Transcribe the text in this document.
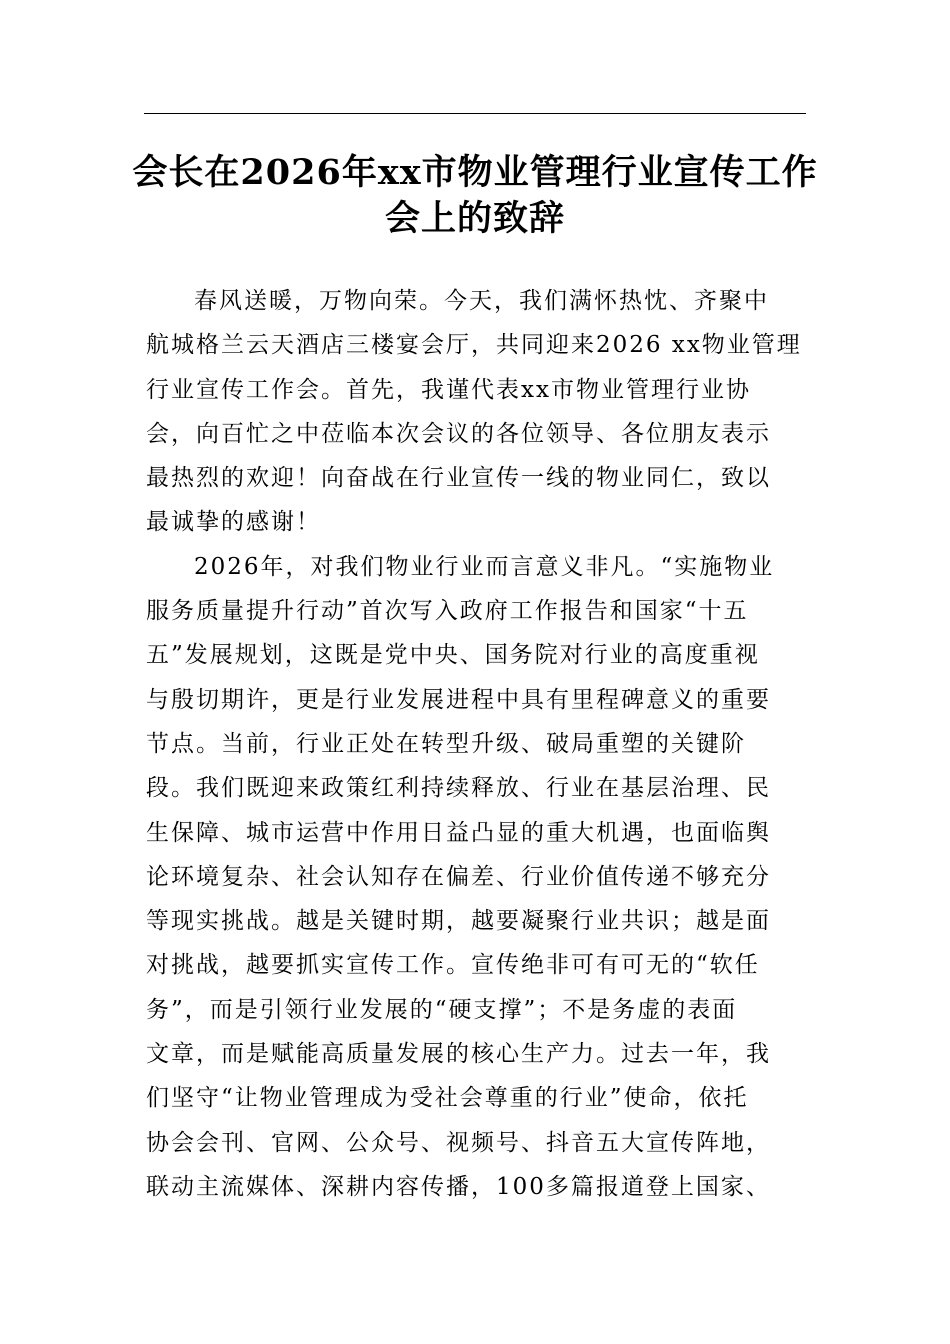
会长在2026年xx市物业管理行业宣传工作
会上的致辞
春风送暖，万物向荣。今天，我们满怀热忱、齐聚中
航城格兰云天酒店三楼宴会厅，共同迎来2026 xx物业管理
行业宣传工作会。首先，我谨代表xx市物业管理行业协
会，向百忙之中莅临本次会议的各位领导、各位朋友表示
最热烈的欢迎！向奋战在行业宣传一线的物业同仁，致以
最诚挚的感谢！
2026年，对我们物业行业而言意义非凡。“实施物业
服务质量提升行动”首次写入政府工作报告和国家“十五
五”发展规划，这既是党中央、国务院对行业的高度重视
与殷切期许，更是行业发展进程中具有里程碑意义的重要
节点。当前，行业正处在转型升级、破局重塑的关键阶
段。我们既迎来政策红利持续释放、行业在基层治理、民
生保障、城市运营中作用日益凸显的重大机遇，也面临舆
论环境复杂、社会认知存在偏差、行业价值传递不够充分
等现实挑战。越是关键时期，越要凝聚行业共识；越是面
对挑战，越要抓实宣传工作。宣传绝非可有可无的“软任
务”，而是引领行业发展的“硬支撑”；不是务虚的表面
文章，而是赋能高质量发展的核心生产力。过去一年，我
们坚守“让物业管理成为受社会尊重的行业”使命，依托
协会会刊、官网、公众号、视频号、抖音五大宣传阵地，
联动主流媒体、深耕内容传播，100多篇报道登上国家、
